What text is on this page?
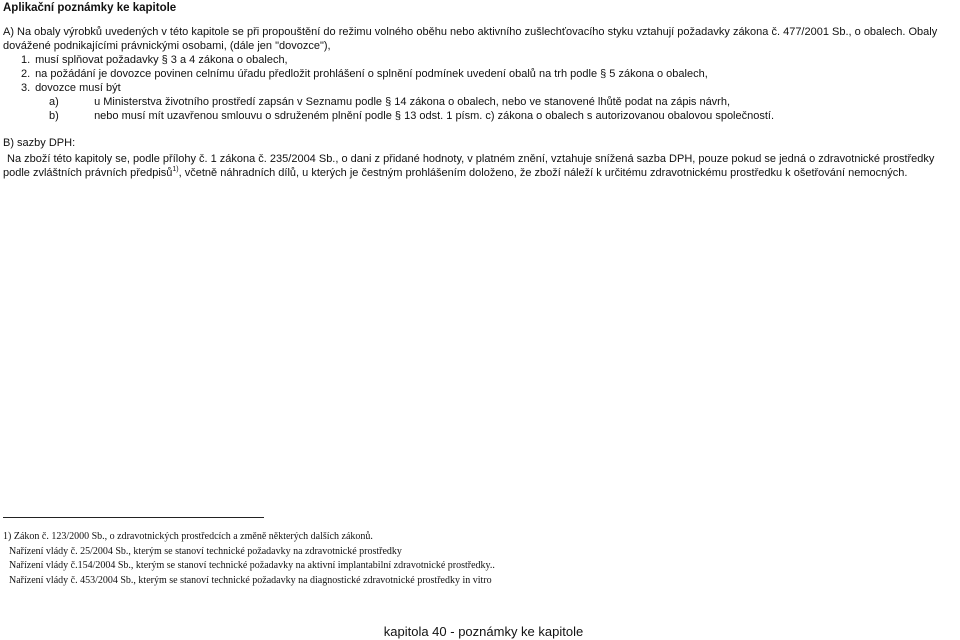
Aplikační poznámky ke kapitole
A) Na obaly výrobků uvedených v této kapitole se při propouštění do režimu volného oběhu nebo aktivního zušlechťovacího styku vztahují požadavky zákona č. 477/2001 Sb., o obalech. Obaly
dovážené podnikajícími právnickými osobami, (dále jen "dovozce"),
1. musí splňovat požadavky § 3 a 4 zákona o obalech,
2. na požádání je dovozce povinen celnímu úřadu předložit prohlášení o splnění podmínek uvedení obalů na trh podle § 5 zákona o obalech,
3. dovozce musí být
a)	u Ministerstva životního prostředí zapsán v Seznamu podle § 14 zákona o obalech, nebo ve stanovené lhůtě podat na zápis návrh,
b)	nebo musí mít uzavřenou smlouvu o sdruženém plnění podle § 13 odst. 1 písm. c) zákona o obalech s autorizovanou obalovou společností.
B) sazby DPH:
Na zboží této kapitoly se, podle přílohy č. 1 zákona č. 235/2004 Sb., o dani z přidané hodnoty, v platném znění, vztahuje snížená sazba DPH, pouze pokud se jedná o zdravotnické prostředky
podle zvláštních právních předpisů$^{1)}$, včetně náhradních dílů, u kterých je čestným prohlášením doloženo, že zboží náleží k určitému zdravotnickému prostředku k ošetřování nemocných.
1) Zákon č. 123/2000 Sb., o zdravotnických prostředcích a změně některých dalších zákonů.
Nařízení vlády č. 25/2004 Sb., kterým se stanoví technické požadavky na zdravotnické prostředky
Nařízení vlády č.154/2004 Sb., kterým se stanoví technické požadavky na aktivní implantabilní zdravotnické prostředky..
Nařízení vlády č. 453/2004 Sb., kterým se stanoví technické požadavky na diagnostické zdravotnické prostředky in vitro
kapitola 40 - poznámky ke kapitole
